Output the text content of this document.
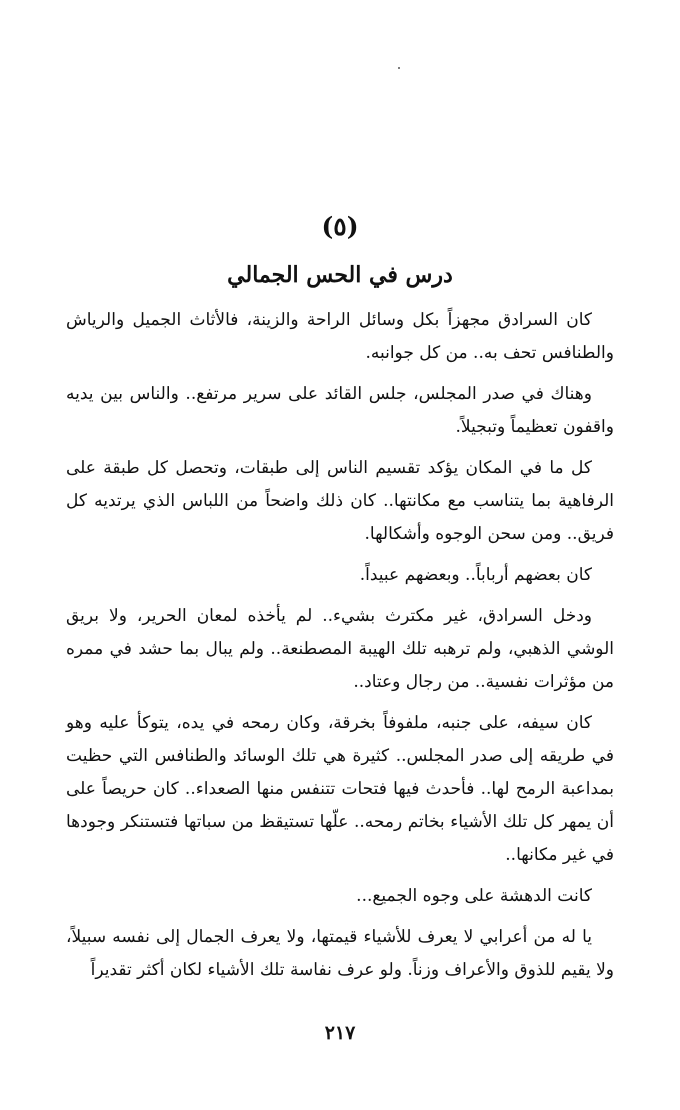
(٥)
درس في الحس الجمالي

كان السرادق مجهزاً بكل وسائل الراحة والزينة، فالأثاث الجميل والرياش والطنافس تحف به.. من كل جوانبه.

وهناك في صدر المجلس، جلس القائد على سرير مرتفع.. والناس بين يديه واقفون تعظيماً وتبجيلاً.

كل ما في المكان يؤكد تقسيم الناس إلى طبقات، وتحصل كل طبقة على الرفاهية بما يتناسب مع مكانتها.. كان ذلك واضحاً من اللباس الذي يرتديه كل فريق.. ومن سحن الوجوه وأشكالها.

كان بعضهم أرباباً.. وبعضهم عبيداً.

ودخل السرادق، غير مكترث بشيء.. لم يأخذه لمعان الحرير، ولا بريق الوشي الذهبي، ولم ترهبه تلك الهيبة المصطنعة.. ولم يبال بما حشد في ممره من مؤثرات نفسية.. من رجال وعتاد..

كان سيفه، على جنبه، ملفوفاً بخرقة، وكان رمحه في يده، يتوكأ عليه وهو في طريقه إلى صدر المجلس.. كثيرة هي تلك الوسائد والطنافس التي حظيت بمداعبة الرمح لها.. فأحدث فيها فتحات تتنفس منها الصعداء.. كان حريصاً على أن يمهر كل تلك الأشياء بخاتم رمحه.. علّها تستيقظ من سباتها فتستنكر وجودها في غير مكانها..

كانت الدهشة على وجوه الجميع...

يا له من أعرابي لا يعرف للأشياء قيمتها، ولا يعرف الجمال إلى نفسه سبيلاً، ولا يقيم للذوق والأعراف وزناً. ولو عرف نفاسة تلك الأشياء لكان أكثر تقديراً

٢١٧
